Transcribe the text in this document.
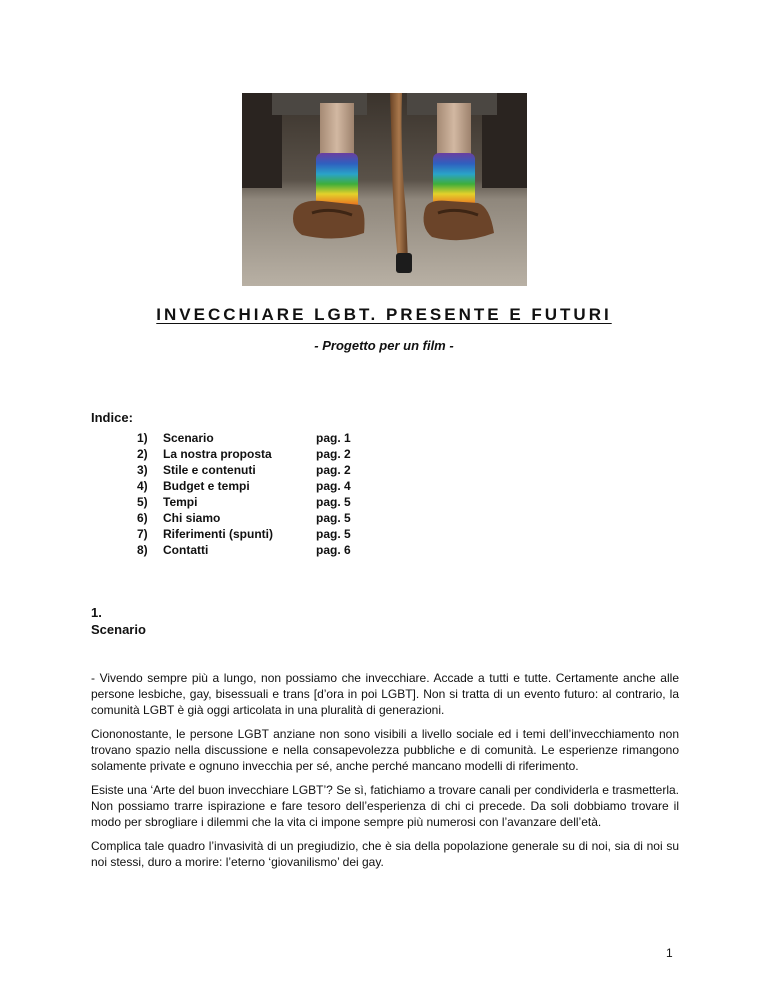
INVECCHIARE LGBT. PRESENTE E FUTURI
- Progetto per un film -
Indice:
1)	Scenario	pag. 1
2)	La nostra proposta	pag. 2
3)	Stile e contenuti	pag. 2
4)	Budget e tempi	pag. 4
5)	Tempi	pag. 5
6)	Chi siamo	pag. 5
7)	Riferimenti (spunti)	pag. 5
8)	Contatti	pag. 6
1.
Scenario

- Vivendo sempre più a lungo, non possiamo che invecchiare. Accade a tutti e tutte. Certamente anche alle persone lesbiche, gay, bisessuali e trans [d’ora in poi LGBT]. Non si tratta di un evento futuro: al contrario, la comunità LGBT è già oggi articolata in una pluralità di generazioni.

Ciononostante, le persone LGBT anziane non sono visibili a livello sociale ed i temi dell’invecchiamento non trovano spazio nella discussione e nella consapevolezza pubbliche e di comunità. Le esperienze rimangono solamente private e ognuno invecchia per sé, anche perché mancano modelli di riferimento.

Esiste una ‘Arte del buon invecchiare LGBT’? Se sì, fatichiamo a trovare canali per condividerla e trasmetterla. Non possiamo trarre ispirazione e fare tesoro dell’esperienza di chi ci precede. Da soli dobbiamo trovare il modo per sbrogliare i dilemmi che la vita ci impone sempre più numerosi con l’avanzare dell’età.

Complica tale quadro l’invasività di un pregiudizio, che è sia della popolazione generale su di noi, sia di noi su noi stessi, duro a morire: l’eterno ‘giovanilismo’ dei gay.

1
